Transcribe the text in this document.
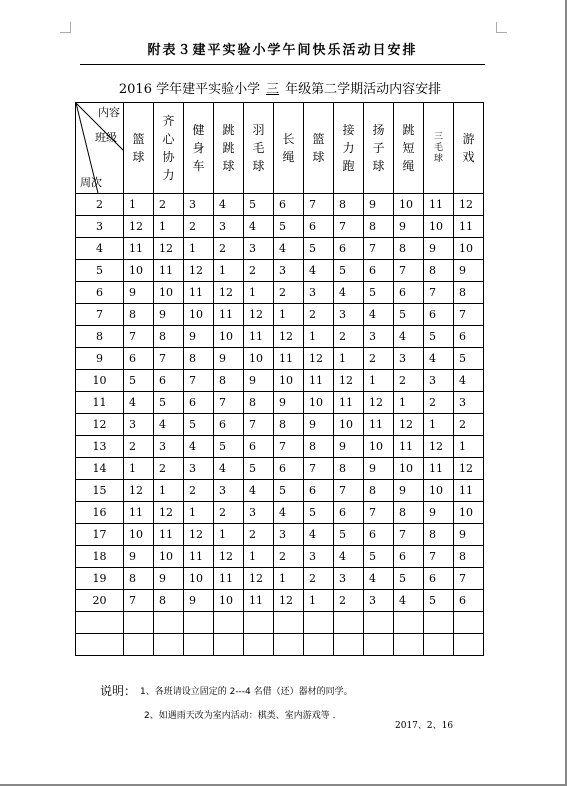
附表３建平实验小学午间快乐活动日安排
2016 学年建平实验小学 三 年级第二学期活动内容安排
内容
班级
周次	篮球	齐心协力	健身车	跳跳球	羽毛球	长绳	篮球	接力跑	扬子球	跳短绳	三毛球	游戏
2	1	2	3	4	5	6	7	8	9	10	11	12
3	12	1	2	3	4	5	6	7	8	9	10	11
4	11	12	1	2	3	4	5	6	7	8	9	10
5	10	11	12	1	2	3	4	5	6	7	8	9
6	9	10	11	12	1	2	3	4	5	6	7	8
7	8	9	10	11	12	1	2	3	4	5	6	7
8	7	8	9	10	11	12	1	2	3	4	5	6
9	6	7	8	9	10	11	12	1	2	3	4	5
10	5	6	7	8	9	10	11	12	1	2	3	4
11	4	5	6	7	8	9	10	11	12	1	2	3
12	3	4	5	6	7	8	9	10	11	12	1	2
13	2	3	4	5	6	7	8	9	10	11	12	1
14	1	2	3	4	5	6	7	8	9	10	11	12
15	12	1	2	3	4	5	6	7	8	9	10	11
16	11	12	1	2	3	4	5	6	7	8	9	10
17	10	11	12	1	2	3	4	5	6	7	8	9
18	9	10	11	12	1	2	3	4	5	6	7	8
19	8	9	10	11	12	1	2	3	4	5	6	7
20	7	8	9	10	11	12	1	2	3	4	5	6

说明： 1、各班请设立固定的 2---4 名借（还）器材的同学。
2、如遇雨天改为室内活动：棋类、室内游戏等 ．
2017、2、16
